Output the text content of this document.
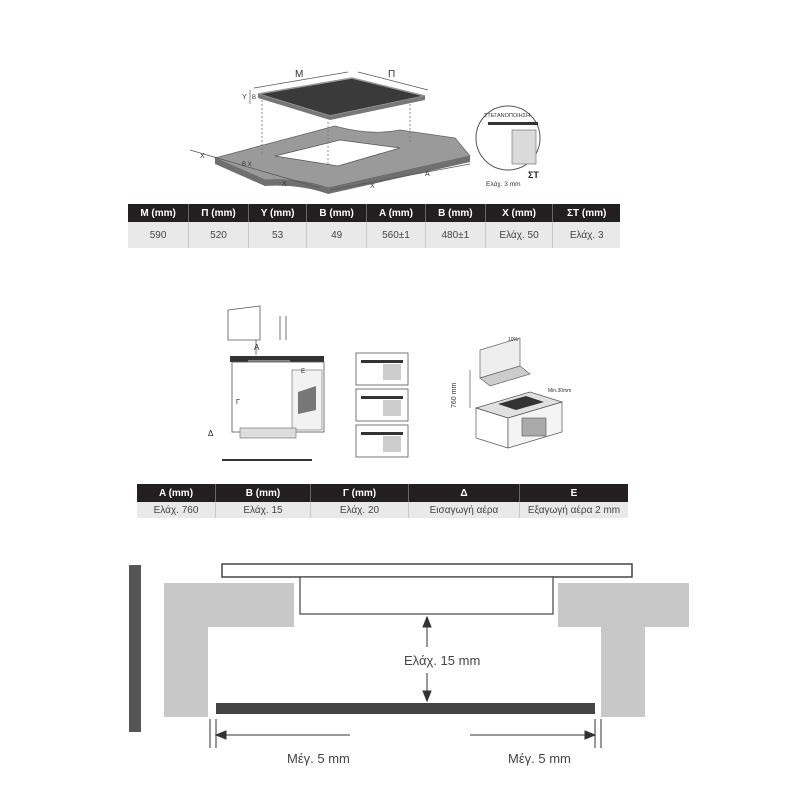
M	Π
Y B
X
B X
X	X
A
ΣΤΕΓΑΝΟΠΟΙΗΣΗ
ΣΤ
Ελάχ. 3 mm
M (mm)	Π (mm)	Y (mm)	B (mm)	A (mm)	B (mm)	X (mm)	ΣΤ (mm)
590	520	53	49	560±1	480±1	Ελάχ. 50	Ελάχ. 3
A
E
Γ
Δ
10%
760 mm	Min.30mm
A (mm)	B (mm)	Γ (mm)	Δ	E
Ελάχ. 760	Ελάχ. 15	Ελάχ. 20	Εισαγωγή αέρα	Εξαγωγή αέρα 2 mm
Ελάχ. 15 mm
Μέγ. 5 mm	Μέγ. 5 mm
